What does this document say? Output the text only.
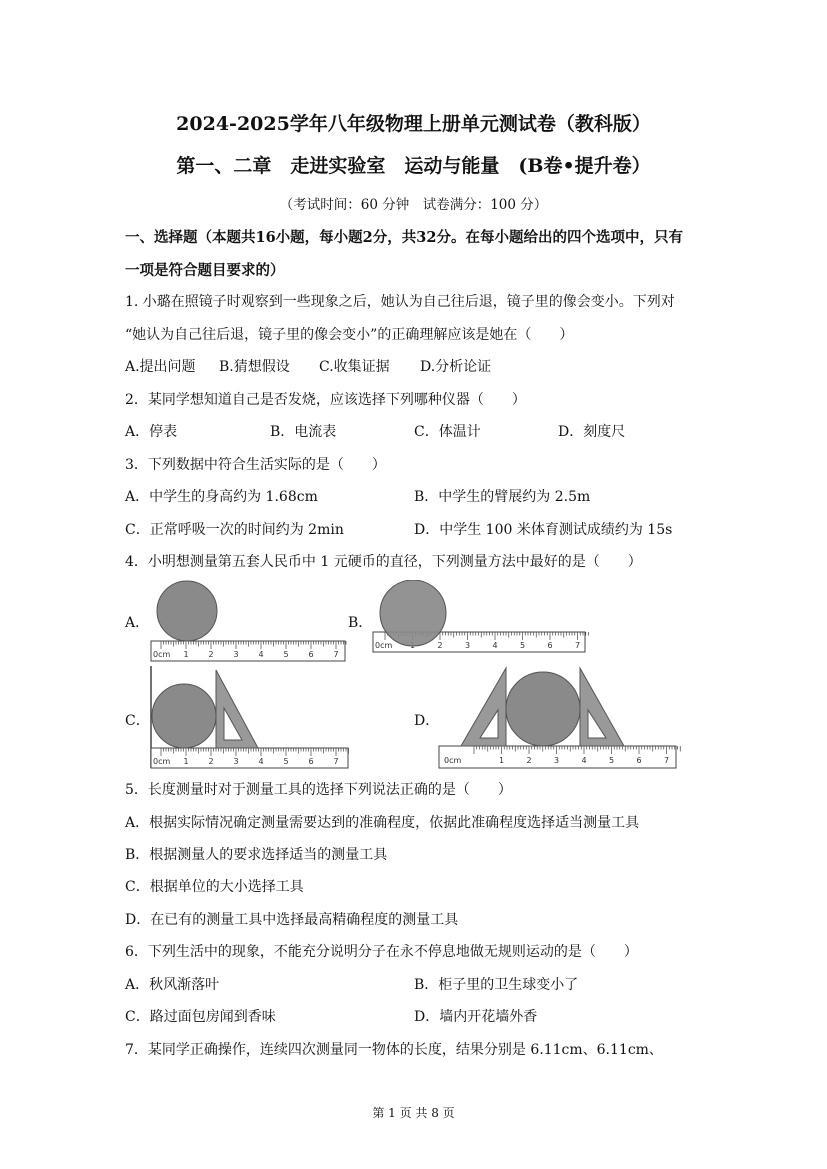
2024-2025学年八年级物理上册单元测试卷（教科版）
第一、二章　走进实验室　运动与能量　(B卷•提升卷）
（考试时间：60 分钟　试卷满分：100 分）
一、选择题（本题共16小题，每小题2分，共32分。在每小题给出的四个选项中，只有
一项是符合题目要求的）
1. 小璐在照镜子时观察到一些现象之后，她认为自己往后退，镜子里的像会变小。下列对
“她认为自己往后退，镜子里的像会变小”的正确理解应该是她在（　　）
A.提出问题 B.猜想假设 C.收集证据 D.分析论证
2．某同学想知道自己是否发烧，应该选择下列哪种仪器（　　）
A．停表	B．电流表	C．体温计	D．刻度尺
3．下列数据中符合生活实际的是（　　）
A．中学生的身高约为 1.68cm	B．中学生的臂展约为 2.5m
C．正常呼吸一次的时间约为 2min	D．中学生 100 米体育测试成绩约为 15s
4．小明想测量第五套人民币中 1 元硬币的直径，下列测量方法中最好的是（　　）
A．	B．
C．	D．
0cm 1 2 3 4 5 6 7
0cm	2	3	4	5	6	7
0cm 1 2 3 4 5 6 7	0cm	1	2	3	4	5	6	7
5．长度测量时对于测量工具的选择下列说法正确的是（　　）
A．根据实际情况确定测量需要达到的准确程度，依据此准确程度选择适当测量工具
B．根据测量人的要求选择适当的测量工具
C．根据单位的大小选择工具
D．在已有的测量工具中选择最高精确程度的测量工具
6．下列生活中的现象，不能充分说明分子在永不停息地做无规则运动的是（　　）
A．秋风渐落叶	B．柜子里的卫生球变小了
C．路过面包房闻到香味	D．墙内开花墙外香
7．某同学正确操作，连续四次测量同一物体的长度，结果分别是 6.11cm、6.11cm、
第 1 页 共 8 页
